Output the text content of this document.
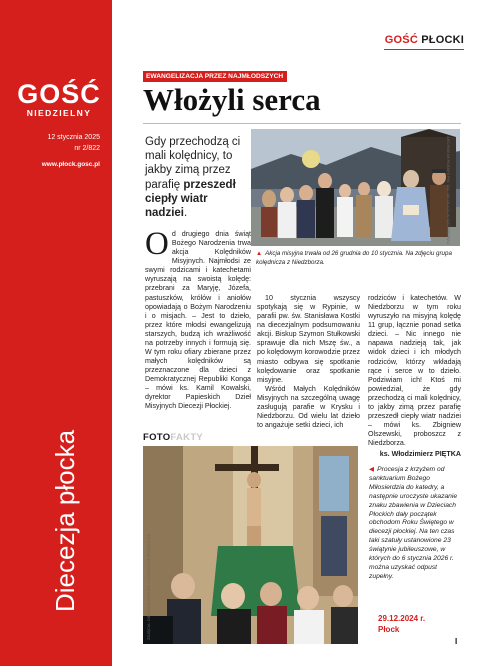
GOŚĆ
NIEDZIELNY
12 stycznia 2025
nr 2/822
www.płock.gosc.pl
Diecezja płocka
GOŚĆ PŁOCKI
EWANGELIZACJA PRZEZ NAJMŁODSZYCH
Włożyli serca
Gdy przechodzą ci mali kolędnicy, to jakby zimą przez parafię przeszedł ciepły wiatr nadziei.	ARCHIWUM PARAFII PW. ŚW. MIKOŁAJA W NIEDZBORZU
▲ Akcja misyjna trwała od 26 grudnia do 10 stycznia. Na zdjęciu grupa kolędnicza z Niedzborza.
Od drugiego dnia świąt Bożego Narodzenia trwa akcja Kolędników Misyjnych. Najmłodsi ze swymi rodzicami i katechetami wyruszają na swoistą kolędę: przebrani za Maryję, Józefa, pastuszków, królów i aniołów opowiadają o Bożym Narodzeniu i o misjach. – Jest to dzieło, przez które młodsi ewangelizują starszych, budzą ich wrażliwość na potrzeby innych i formują się. W tym roku ofiary zbierane przez małych kolędników są przeznaczone dla dzieci z Demokratycznej Republiki Konga – mówi ks. Kamil Kowalski, dyrektor Papieskich Dzieł Misyjnych Diecezji Płockiej.
10 stycznia wszyscy spotykają się w Rypinie, w parafii pw. św. Stanisława Kostki na diecezjalnym podsumowaniu akcji. Biskup Szymon Stułkowski sprawuje dla nich Mszę św., a po kolędowym korowodzie przez miasto odbywa się spotkanie kolędowanie oraz spotkanie misyjne.
Wśród Małych Kolędników Misyjnych na szczególną uwagę zasługują parafie w Krysku i Niedzborzu. Od wielu lat dzieło to angażuje setki dzieci, ich
rodziców i katechetów. W Niedzborzu w tym roku wyruszyło na misyjną kolędę 11 grup, łącznie ponad setka dzieci. – Nic innego nie napawa nadzieją tak, jak widok dzieci i ich młodych rodziców, którzy wkładają rące i serce w to dzieło. Podziwiam ich! Ktoś mi powiedział, że gdy przechodzą ci mali kolędnicy, to jakby zimą przez parafię przeszedł ciepły wiatr nadziei – mówi ks. Zbigniew Olszewski, proboszcz z Niedzborza.
ks. Włodzimierz PIĘTKA
FOTOFAKTY
ZDJĘCIA: DIECEZJA PŁOCKA / KATARZYNA ROŻNIECKA
◀ Procesja z krzyżem od sanktuarium Bożego Miłosierdzia do katedry, a następnie uroczyste ukazanie znaku zbawienia w Dzieciach Płockich dały początek obchodom Roku Świętego w diecezji płockiej. Na ten czas taki szatuły ustanowione 23 świątynie jubileuszowe, w których do 6 stycznia 2026 r. można uzyskać odpust zupełny.
29.12.2024 r.
Płock
I
